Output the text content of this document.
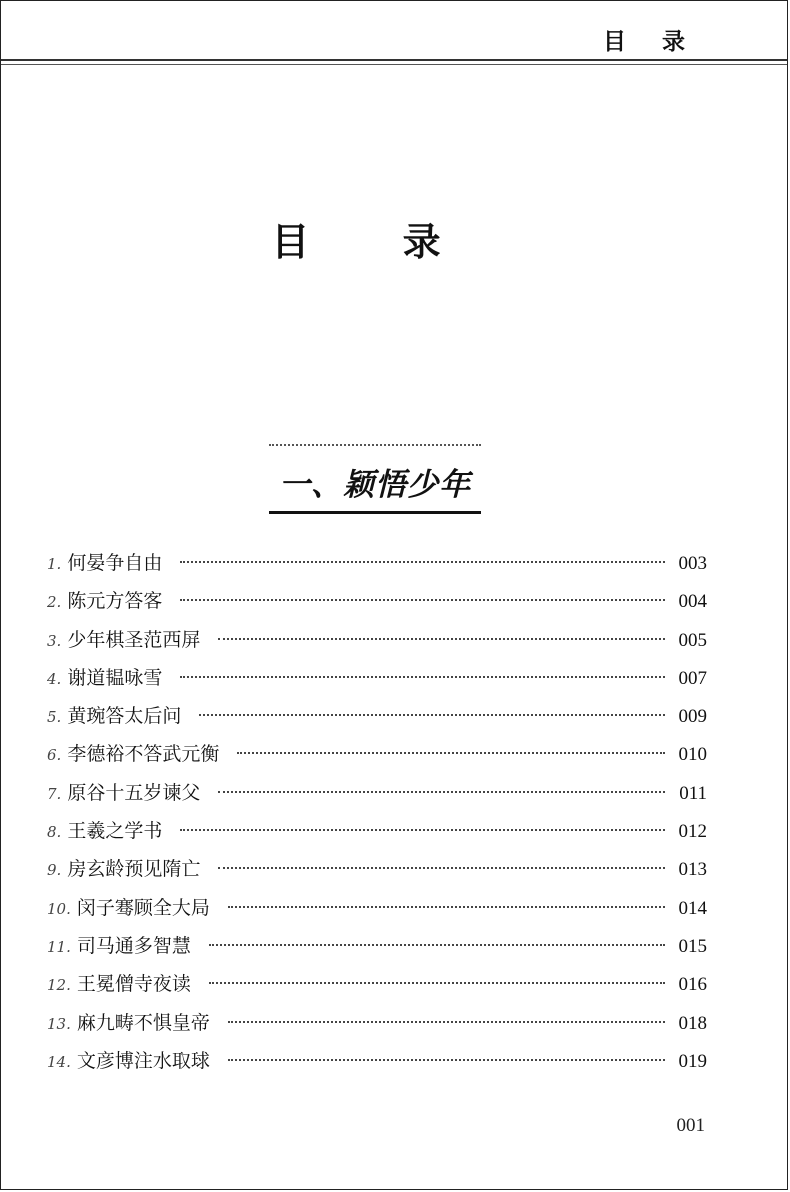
目 录
目 录
一、颖悟少年
1. 何晏争自由	003
2. 陈元方答客	004
3. 少年棋圣范西屏	005
4. 谢道韫咏雪	007
5. 黄琬答太后问	009
6. 李德裕不答武元衡	010
7. 原谷十五岁谏父	011
8. 王羲之学书	012
9. 房玄龄预见隋亡	013
10. 闵子骞顾全大局	014
11. 司马通多智慧	015
12. 王冕僧寺夜读	016
13. 麻九畴不惧皇帝	018
14. 文彦博注水取球	019
001
